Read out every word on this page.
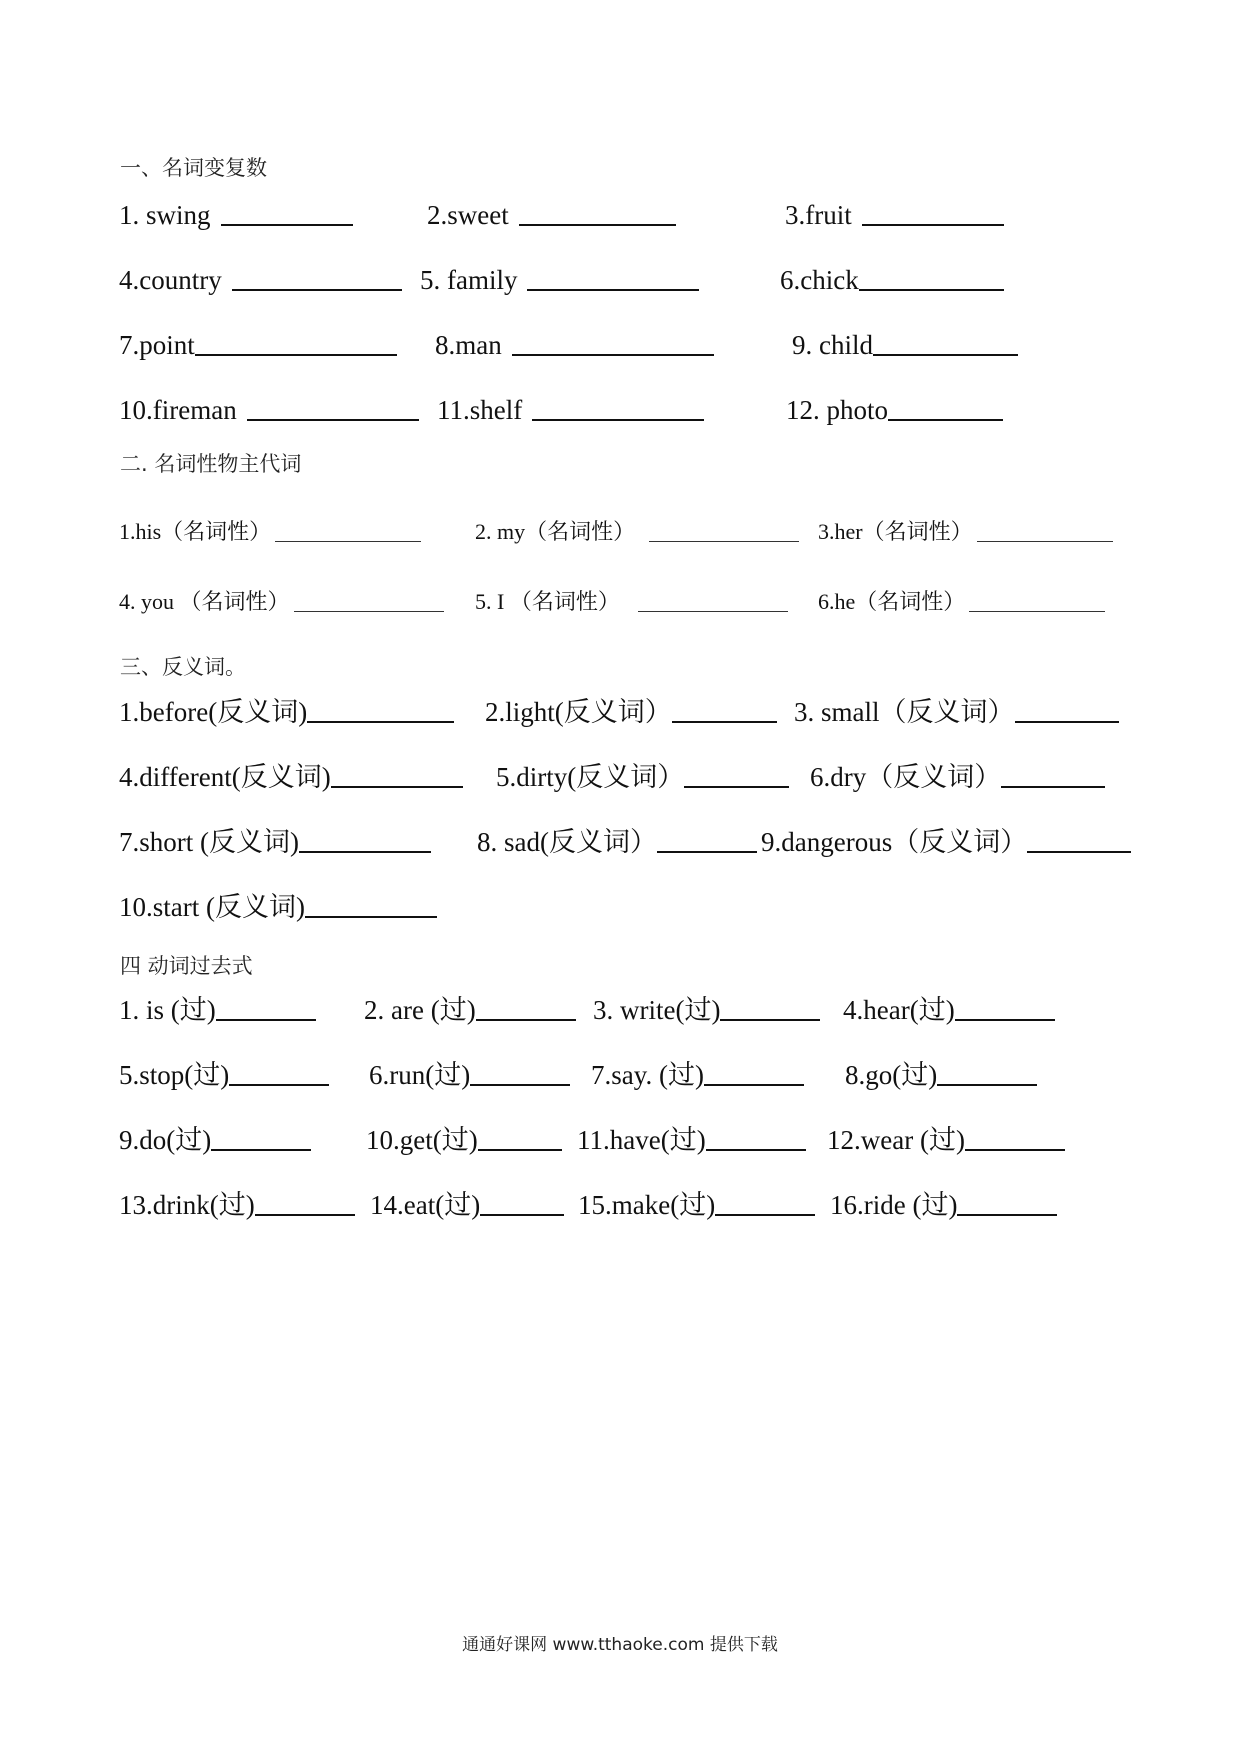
一、名词变复数
1. swing	2.sweet	3.fruit
4.country	5. family	6.chick
7.point	8.man	9. child
10.fireman	11.shelf	12. photo
二. 名词性物主代词
1.his（名词性）	2. my（名词性）	3.her（名词性）
4. you （名词性）	5. I （名词性）	6.he（名词性）
三、反义词。
1.before(反义词)	2.light(反义词）	3. small（反义词）
4.different(反义词)	5.dirty(反义词）	6.dry（反义词）
7.short (反义词)	8. sad(反义词）	9.dangerous（反义词）
10.start (反义词)
四 动词过去式
1. is (过)	2. are (过)	3. write(过)	4.hear(过)
5.stop(过)	6.run(过)	7.say. (过)	8.go(过)
9.do(过)	10.get(过)	11.have(过)	12.wear (过)
13.drink(过)	14.eat(过)	15.make(过)	16.ride (过)
通通好课网 www.tthaoke.com 提供下载
